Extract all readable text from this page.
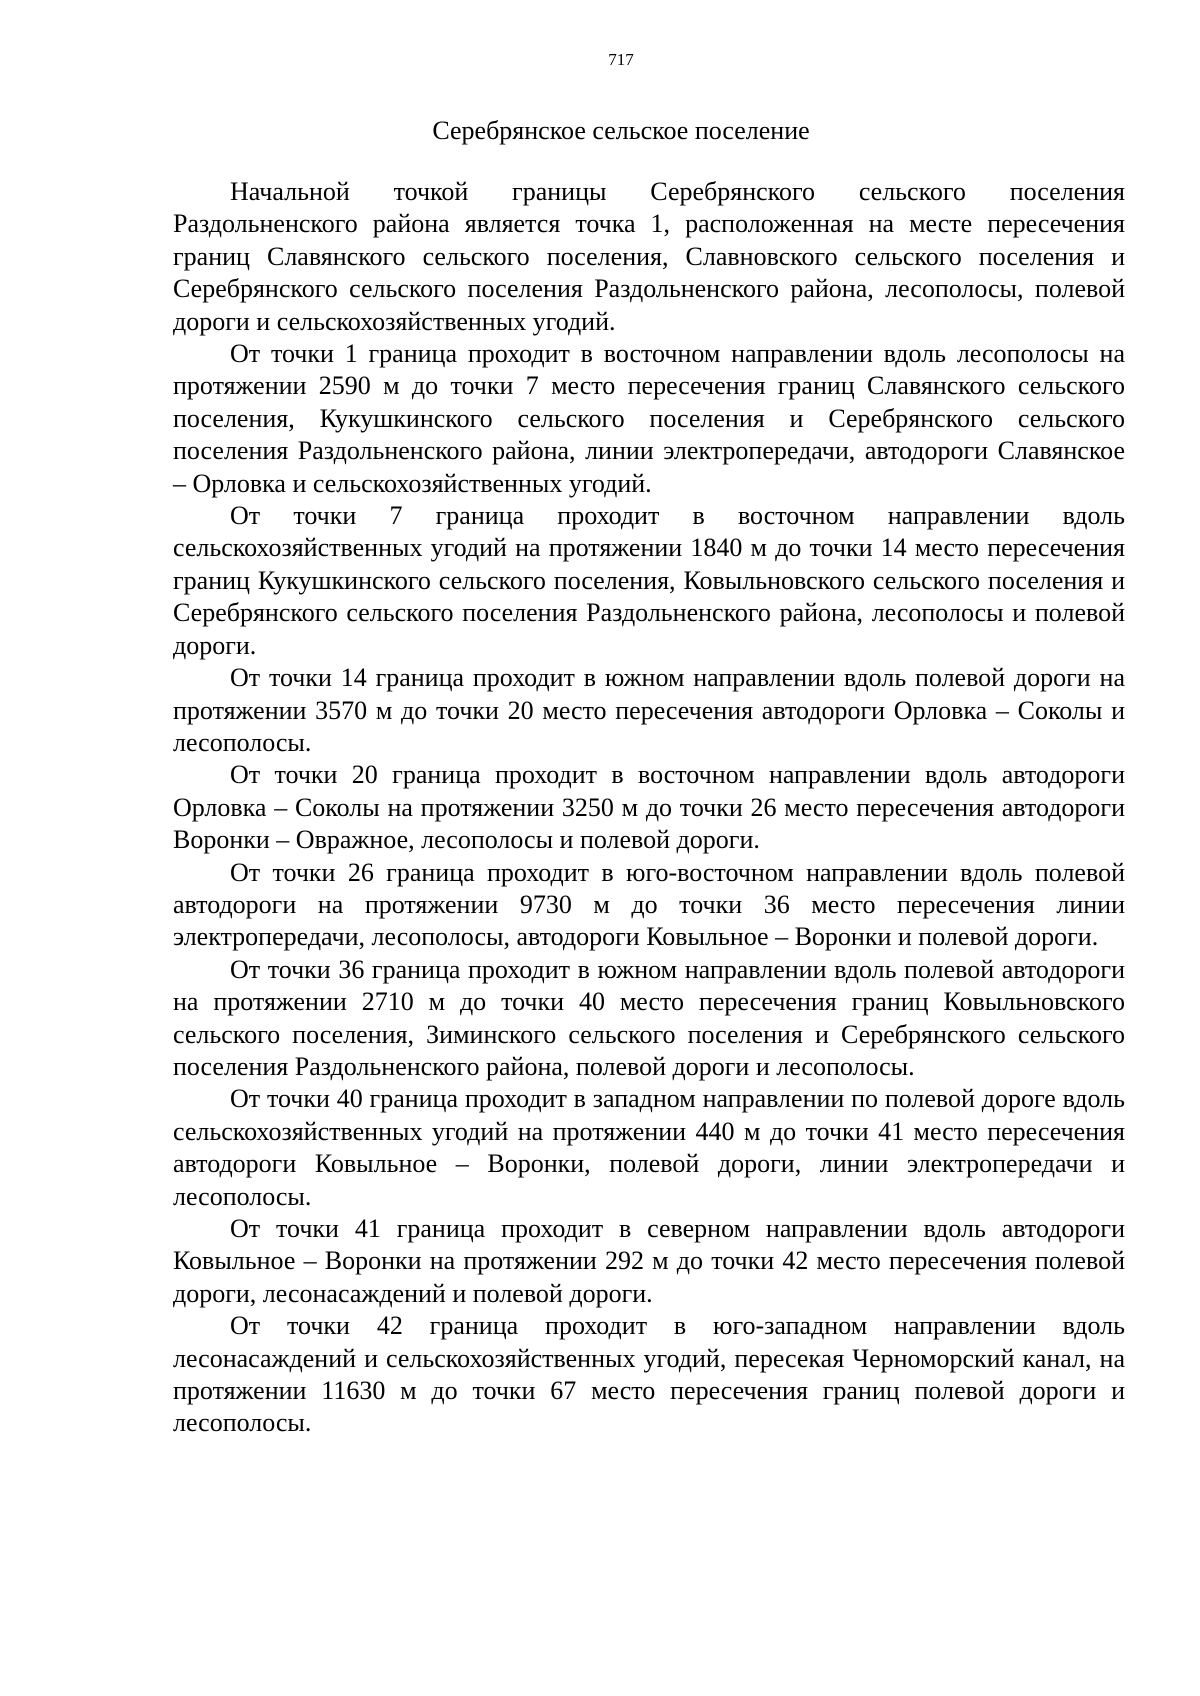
717
Серебрянское сельское поселение

Начальной точкой границы Серебрянского сельского поселения Раздольненского района является точка 1, расположенная на месте пересечения границ Славянского сельского поселения, Славновского сельского поселения и Серебрянского сельского поселения Раздольненского района, лесополосы, полевой дороги и сельскохозяйственных угодий.

От точки 1 граница проходит в восточном направлении вдоль лесополосы на протяжении 2590 м до точки 7 место пересечения границ Славянского сельского поселения, Кукушкинского сельского поселения и Серебрянского сельского поселения Раздольненского района, линии электропередачи, автодороги Славянское – Орловка и сельскохозяйственных угодий.

От точки 7 граница проходит в восточном направлении вдоль сельскохозяйственных угодий на протяжении 1840 м до точки 14 место пересечения границ Кукушкинского сельского поселения, Ковыльновского сельского поселения и Серебрянского сельского поселения Раздольненского района, лесополосы и полевой дороги.

От точки 14 граница проходит в южном направлении вдоль полевой дороги на протяжении 3570 м до точки 20 место пересечения автодороги Орловка – Соколы и лесополосы.

От точки 20 граница проходит в восточном направлении вдоль автодороги Орловка – Соколы на протяжении 3250 м до точки 26 место пересечения автодороги Воронки – Овражное, лесополосы и полевой дороги.

От точки 26 граница проходит в юго-восточном направлении вдоль полевой автодороги на протяжении 9730 м до точки 36 место пересечения линии электропередачи, лесополосы, автодороги Ковыльное – Воронки и полевой дороги.

От точки 36 граница проходит в южном направлении вдоль полевой автодороги на протяжении 2710 м до точки 40 место пересечения границ Ковыльновского сельского поселения, Зиминского сельского поселения и Серебрянского сельского поселения Раздольненского района, полевой дороги и лесополосы.

От точки 40 граница проходит в западном направлении по полевой дороге вдоль сельскохозяйственных угодий на протяжении 440 м до точки 41 место пересечения автодороги Ковыльное – Воронки, полевой дороги, линии электропередачи и лесополосы.

От точки 41 граница проходит в северном направлении вдоль автодороги Ковыльное – Воронки на протяжении 292 м до точки 42 место пересечения полевой дороги, лесонасаждений и полевой дороги.

От точки 42 граница проходит в юго-западном направлении вдоль лесонасаждений и сельскохозяйственных угодий, пересекая Черноморский канал, на протяжении 11630 м до точки 67 место пересечения границ полевой дороги и лесополосы.
